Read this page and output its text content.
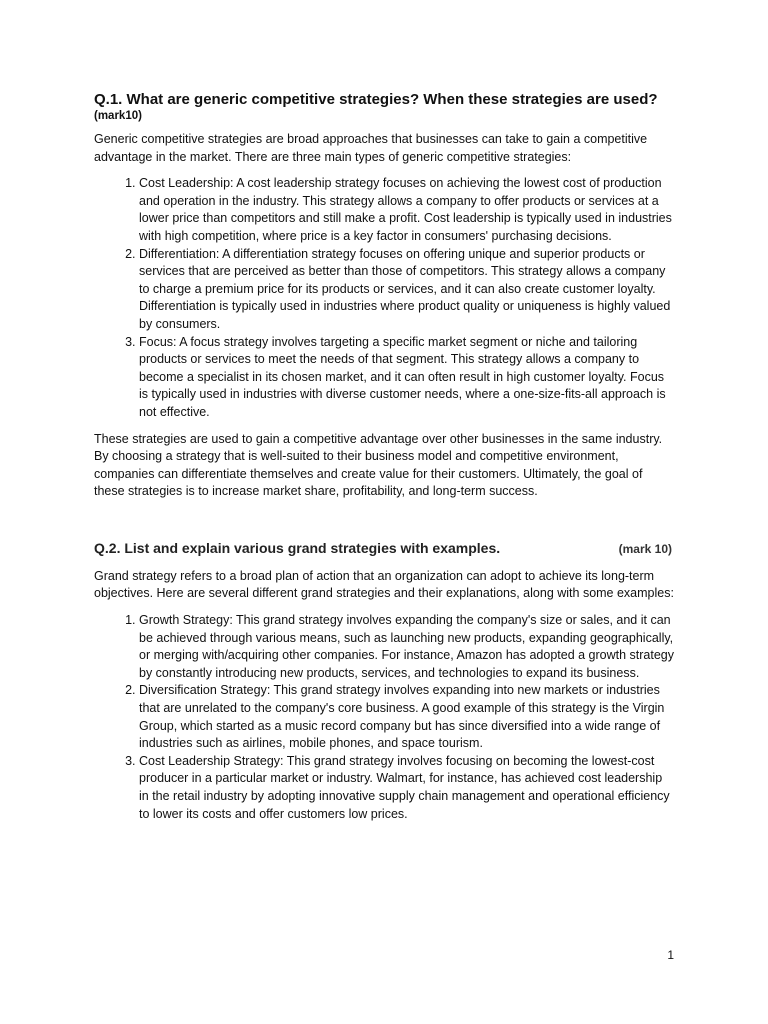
Q.1. What are generic competitive strategies? When these strategies are used?
(mark10)

Generic competitive strategies are broad approaches that businesses can take to gain a competitive advantage in the market. There are three main types of generic competitive strategies:

1. Cost Leadership: A cost leadership strategy focuses on achieving the lowest cost of production and operation in the industry. This strategy allows a company to offer products or services at a lower price than competitors and still make a profit. Cost leadership is typically used in industries with high competition, where price is a key factor in consumers' purchasing decisions.
2. Differentiation: A differentiation strategy focuses on offering unique and superior products or services that are perceived as better than those of competitors. This strategy allows a company to charge a premium price for its products or services, and it can also create customer loyalty. Differentiation is typically used in industries where product quality or uniqueness is highly valued by consumers.
3. Focus: A focus strategy involves targeting a specific market segment or niche and tailoring products or services to meet the needs of that segment. This strategy allows a company to become a specialist in its chosen market, and it can often result in high customer loyalty. Focus is typically used in industries with diverse customer needs, where a one-size-fits-all approach is not effective.

These strategies are used to gain a competitive advantage over other businesses in the same industry. By choosing a strategy that is well-suited to their business model and competitive environment, companies can differentiate themselves and create value for their customers. Ultimately, the goal of these strategies is to increase market share, profitability, and long-term success.

Q.2. List and explain various grand strategies with examples.	(mark 10)

Grand strategy refers to a broad plan of action that an organization can adopt to achieve its long-term objectives. Here are several different grand strategies and their explanations, along with some examples:

1. Growth Strategy: This grand strategy involves expanding the company's size or sales, and it can be achieved through various means, such as launching new products, expanding geographically, or merging with/acquiring other companies. For instance, Amazon has adopted a growth strategy by constantly introducing new products, services, and technologies to expand its business.
2. Diversification Strategy: This grand strategy involves expanding into new markets or industries that are unrelated to the company's core business. A good example of this strategy is the Virgin Group, which started as a music record company but has since diversified into a wide range of industries such as airlines, mobile phones, and space tourism.
3. Cost Leadership Strategy: This grand strategy involves focusing on becoming the lowest-cost producer in a particular market or industry. Walmart, for instance, has achieved cost leadership in the retail industry by adopting innovative supply chain management and operational efficiency to lower its costs and offer customers low prices.
1
